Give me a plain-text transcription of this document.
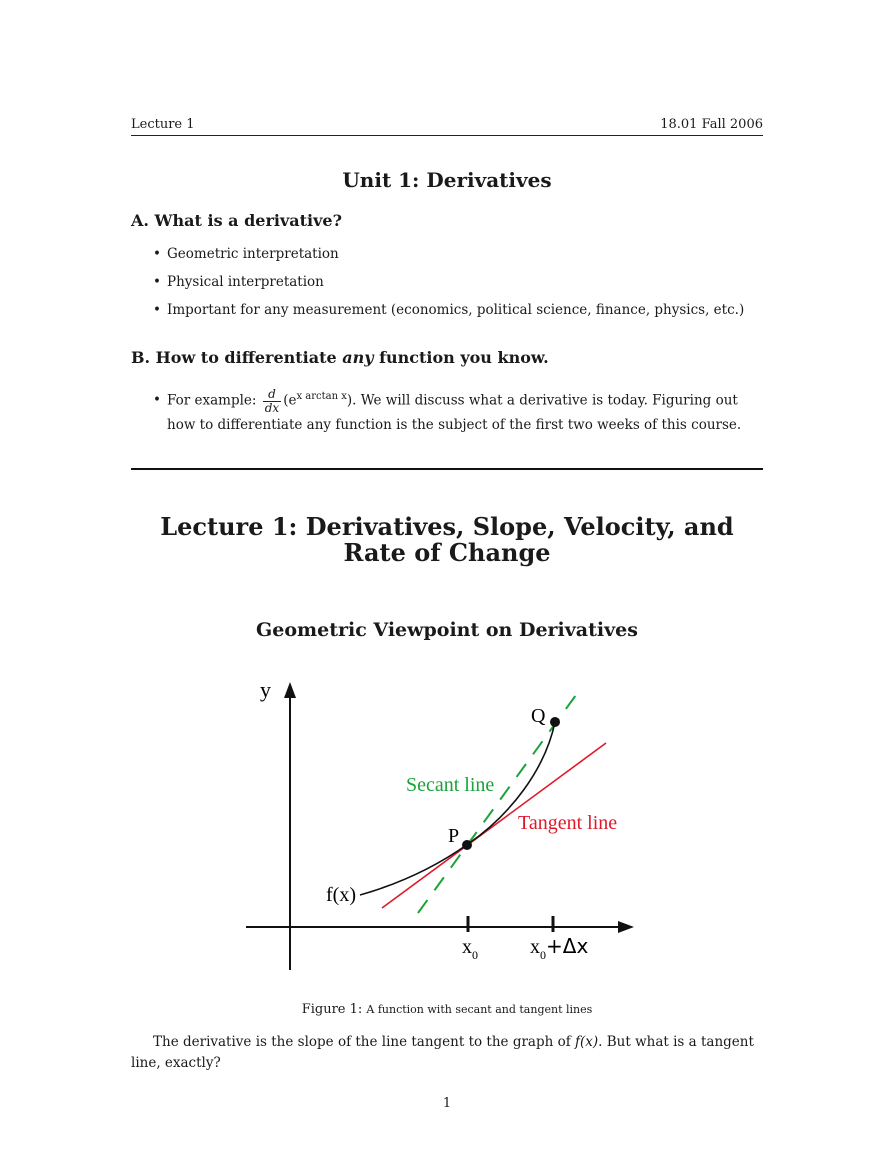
Lecture 1	18.01 Fall 2006
Unit 1: Derivatives
A. What is a derivative?
• Geometric interpretation
• Physical interpretation
• Important for any measurement (economics, political science, finance, physics, etc.)
B. How to differentiate any function you know.
• For example: $\frac{d}{dx} (e^{x arctan x})$. We will discuss what a derivative is today. Figuring out how to differentiate any function is the subject of the first two weeks of this course.
Lecture 1: Derivatives, Slope, Velocity, and Rate of Change
Geometric Viewpoint on Derivatives
y
P
Q
Secant line
Tangent line
f(x)
$x_0$	$x_0+\Delta x$
Figure 1: A function with secant and tangent lines
The derivative is the slope of the line tangent to the graph of f(x). But what is a tangent line, exactly?
1
